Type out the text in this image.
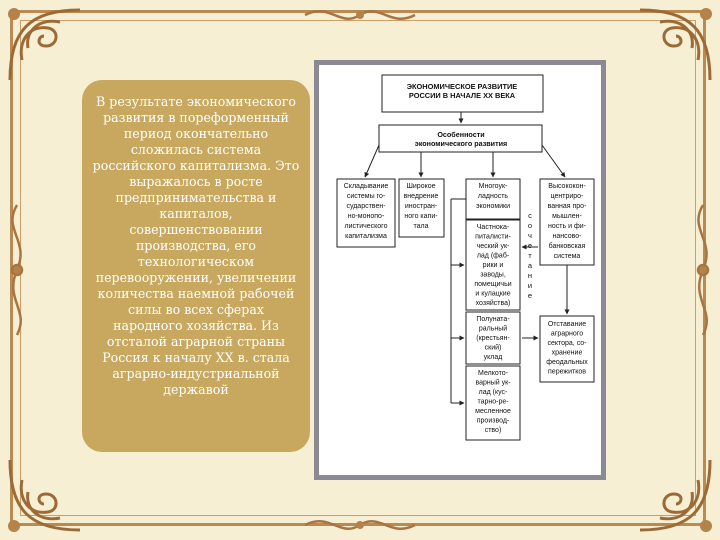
В результате экономического развития в пореформенный период окончательно сложилась система российского капитализма. Это выражалось в росте предпринимательства и капиталов, совершенствовании производства, его технологическом перевооружении, увеличении количества наемной рабочей силы во всех сферах народного хозяйства. Из отсталой аграрной страны Россия к началу XX в. стала аграрно-индустриальной державой

ЭКОНОМИЧЕСКОЕ РАЗВИТИЕ
РОССИИ В НАЧАЛЕ XX ВЕКА
Особенности
экономического развития
Складывание
системы го-
сударствен-
но-монопо-
листического
капитализма
Широкое
внедрение
иностран-
ного капи-
тала
Многоук-
ладность
экономики
Высококон-
центриро-
ванная про-
мышлен-
ность и фи-
нансово-
банковская
система
Частнока-
питалисти-
ческий ук-
лад (фаб-
рики и
заводы,
помещичьи
и кулацкие
хозяйства)
Полуната-
ральный
(крестьян-
ский)
уклад
Мелкото-
варный ук-
лад (кус-
тарно-ре-
месленное
производ-
ство)
с
о
ч
е
т
а
н
и
е
Отставание
аграрного
сектора, со-
хранение
феодальных
пережитков
